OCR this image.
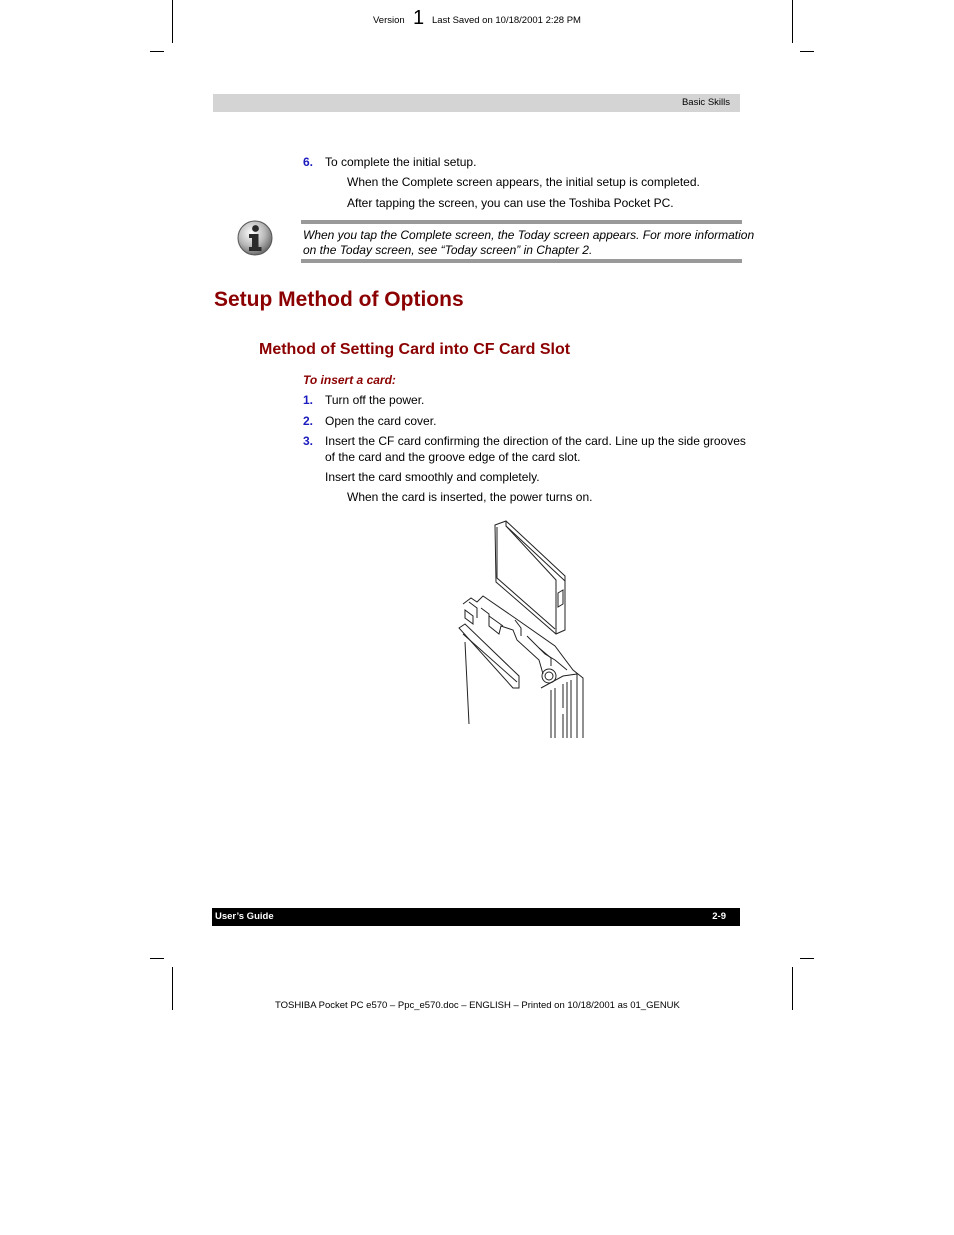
Version 1 Last Saved on 10/18/2001 2:28 PM
Basic Skills
6. To complete the initial setup.
When the Complete screen appears, the initial setup is completed.
After tapping the screen, you can use the Toshiba Pocket PC.
When you tap the Complete screen, the Today screen appears. For more information
on the Today screen, see “Today screen” in Chapter 2.
Setup Method of Options
Method of Setting Card into CF Card Slot
To insert a card:
1. Turn off the power.
2. Open the card cover.
3. Insert the CF card confirming the direction of the card. Line up the side grooves
of the card and the groove edge of the card slot.
Insert the card smoothly and completely.
When the card is inserted, the power turns on.
User’s Guide	2-9
TOSHIBA Pocket PC e570 – Ppc_e570.doc – ENGLISH – Printed on 10/18/2001 as 01_GENUK
